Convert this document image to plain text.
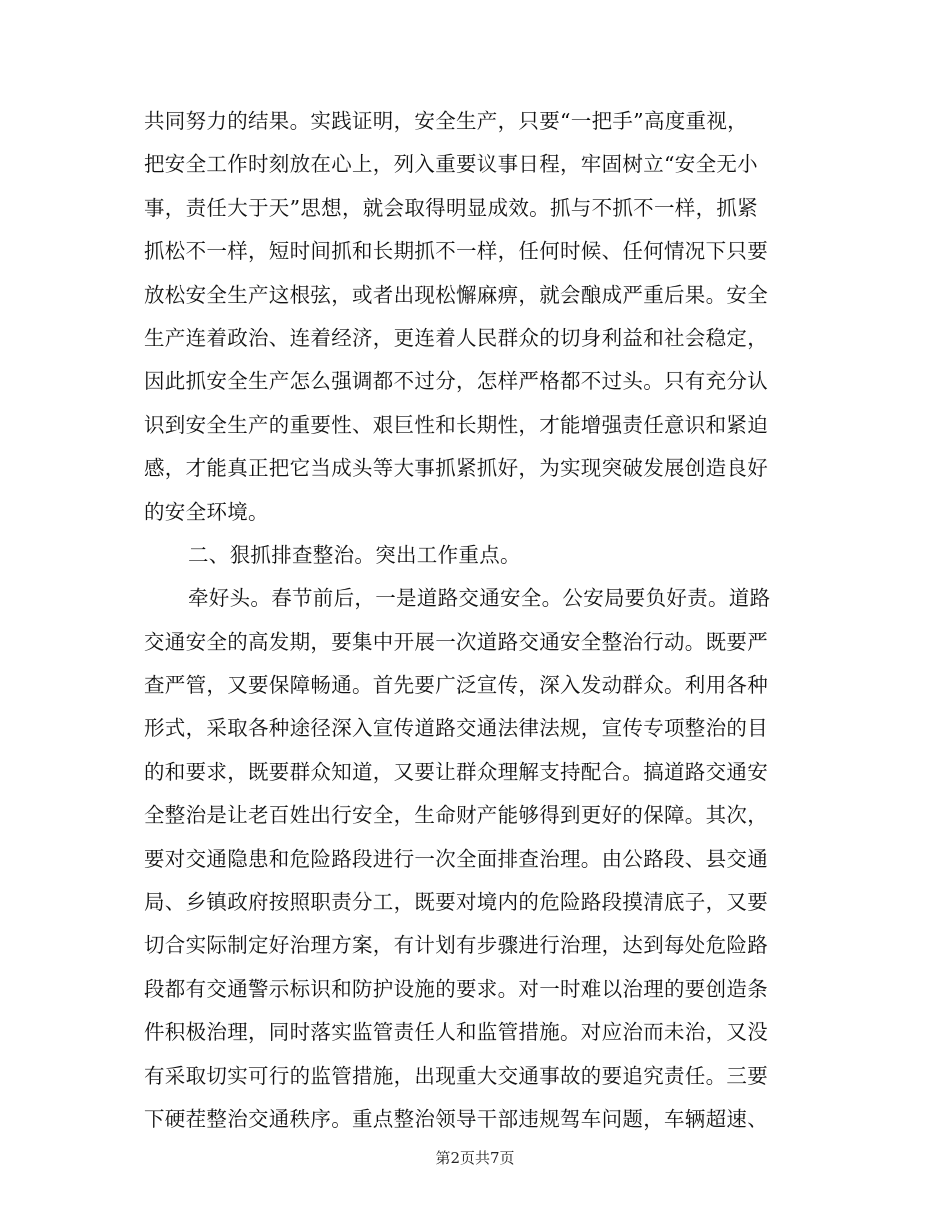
共同努力的结果。实践证明，安全生产，只要“一把手”高度重视，
把安全工作时刻放在心上，列入重要议事日程，牢固树立“安全无小
事，责任大于天”思想，就会取得明显成效。抓与不抓不一样，抓紧
抓松不一样，短时间抓和长期抓不一样，任何时候、任何情况下只要
放松安全生产这根弦，或者出现松懈麻痹，就会酿成严重后果。安全
生产连着政治、连着经济，更连着人民群众的切身利益和社会稳定，
因此抓安全生产怎么强调都不过分，怎样严格都不过头。只有充分认
识到安全生产的重要性、艰巨性和长期性，才能增强责任意识和紧迫
感，才能真正把它当成头等大事抓紧抓好，为实现突破发展创造良好
的安全环境。
二、狠抓排查整治。突出工作重点。
牵好头。春节前后，一是道路交通安全。公安局要负好责。道路
交通安全的高发期，要集中开展一次道路交通安全整治行动。既要严
查严管，又要保障畅通。首先要广泛宣传，深入发动群众。利用各种
形式，采取各种途径深入宣传道路交通法律法规，宣传专项整治的目
的和要求，既要群众知道，又要让群众理解支持配合。搞道路交通安
全整治是让老百姓出行安全，生命财产能够得到更好的保障。其次，
要对交通隐患和危险路段进行一次全面排查治理。由公路段、县交通
局、乡镇政府按照职责分工，既要对境内的危险路段摸清底子，又要
切合实际制定好治理方案，有计划有步骤进行治理，达到每处危险路
段都有交通警示标识和防护设施的要求。对一时难以治理的要创造条
件积极治理，同时落实监管责任人和监管措施。对应治而未治，又没
有采取切实可行的监管措施，出现重大交通事故的要追究责任。三要
下硬茬整治交通秩序。重点整治领导干部违规驾车问题，车辆超速、
第2页共7页
